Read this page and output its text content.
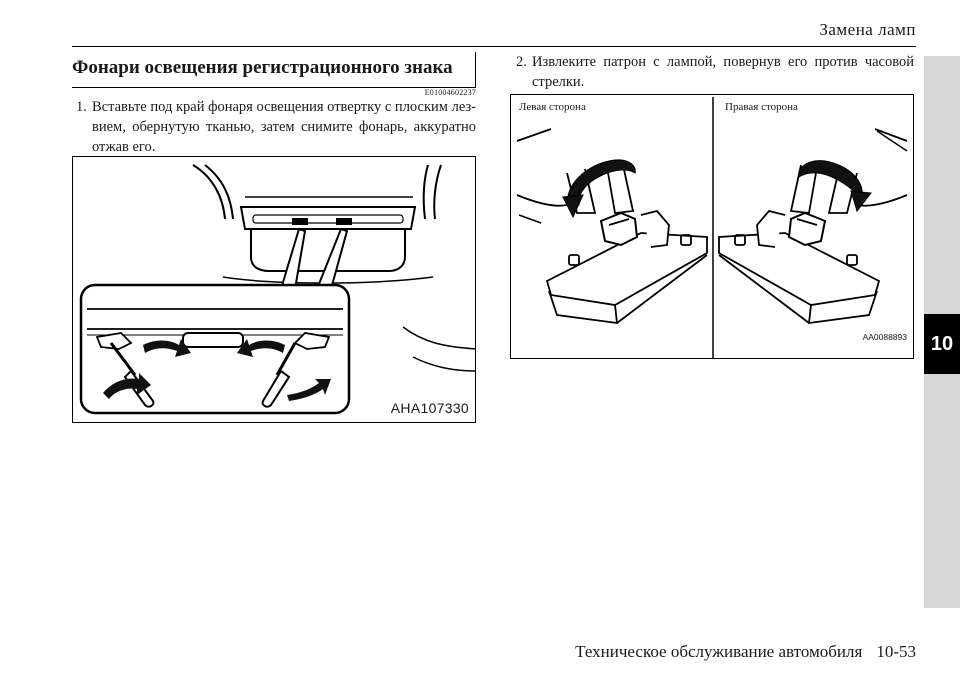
Замена ламп
10
Фонари освещения регистрационного знака
E01004602237
1. Вставьте под край фонаря освещения отвертку с плоским лез-вием, обернутую тканью, затем снимите фонарь, аккуратно отжав его.
2. Извлеките патрон с лампой, повернув его против часовой стрелки.
AHA107330
Левая сторона	Правая сторона
AA0088893
Техническое обслуживание автомобиля 10-53
